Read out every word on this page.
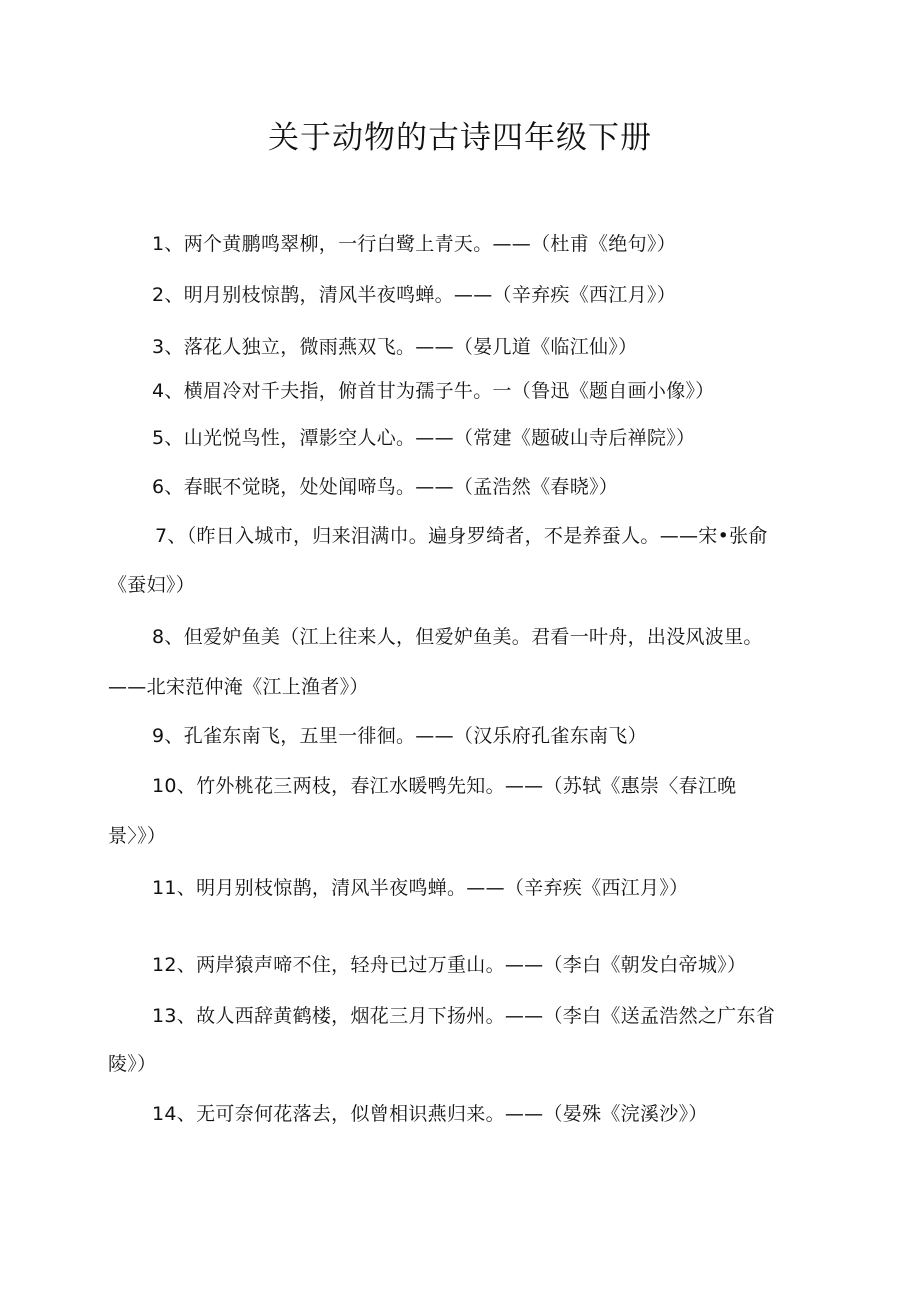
关于动物的古诗四年级下册
1、两个黄鹏鸣翠柳，一行白鹭上青天。——（杜甫《绝句》）
2、明月别枝惊鹊，清风半夜鸣蝉。——（辛弃疾《西江月》）
3、落花人独立，微雨燕双飞。——（晏几道《临江仙》）
4、横眉冷对千夫指，俯首甘为孺子牛。一（鲁迅《题自画小像》）
5、山光悦鸟性，潭影空人心。——（常建《题破山寺后禅院》）
6、春眠不觉晓，处处闻啼鸟。——（孟浩然《春晓》）
7、（昨日入城市，归来泪满巾。遍身罗绮者，不是养蚕人。——宋•张俞
《蚕妇》）
8、但爱妒鱼美（江上往来人，但爱妒鱼美。君看一叶舟，出没风波里。
——北宋范仲淹《江上渔者》）
9、孔雀东南飞，五里一徘徊。——（汉乐府孔雀东南飞）
10、竹外桃花三两枝，春江水暖鸭先知。——（苏轼《惠崇〈春江晚
景〉》）
11、明月别枝惊鹊，清风半夜鸣蝉。——（辛弃疾《西江月》）
12、两岸猿声啼不住，轻舟已过万重山。——（李白《朝发白帝城》）
13、故人西辞黄鹤楼，烟花三月下扬州。——（李白《送孟浩然之广东省
陵》）
14、无可奈何花落去，似曾相识燕归来。——（晏殊《浣溪沙》）
